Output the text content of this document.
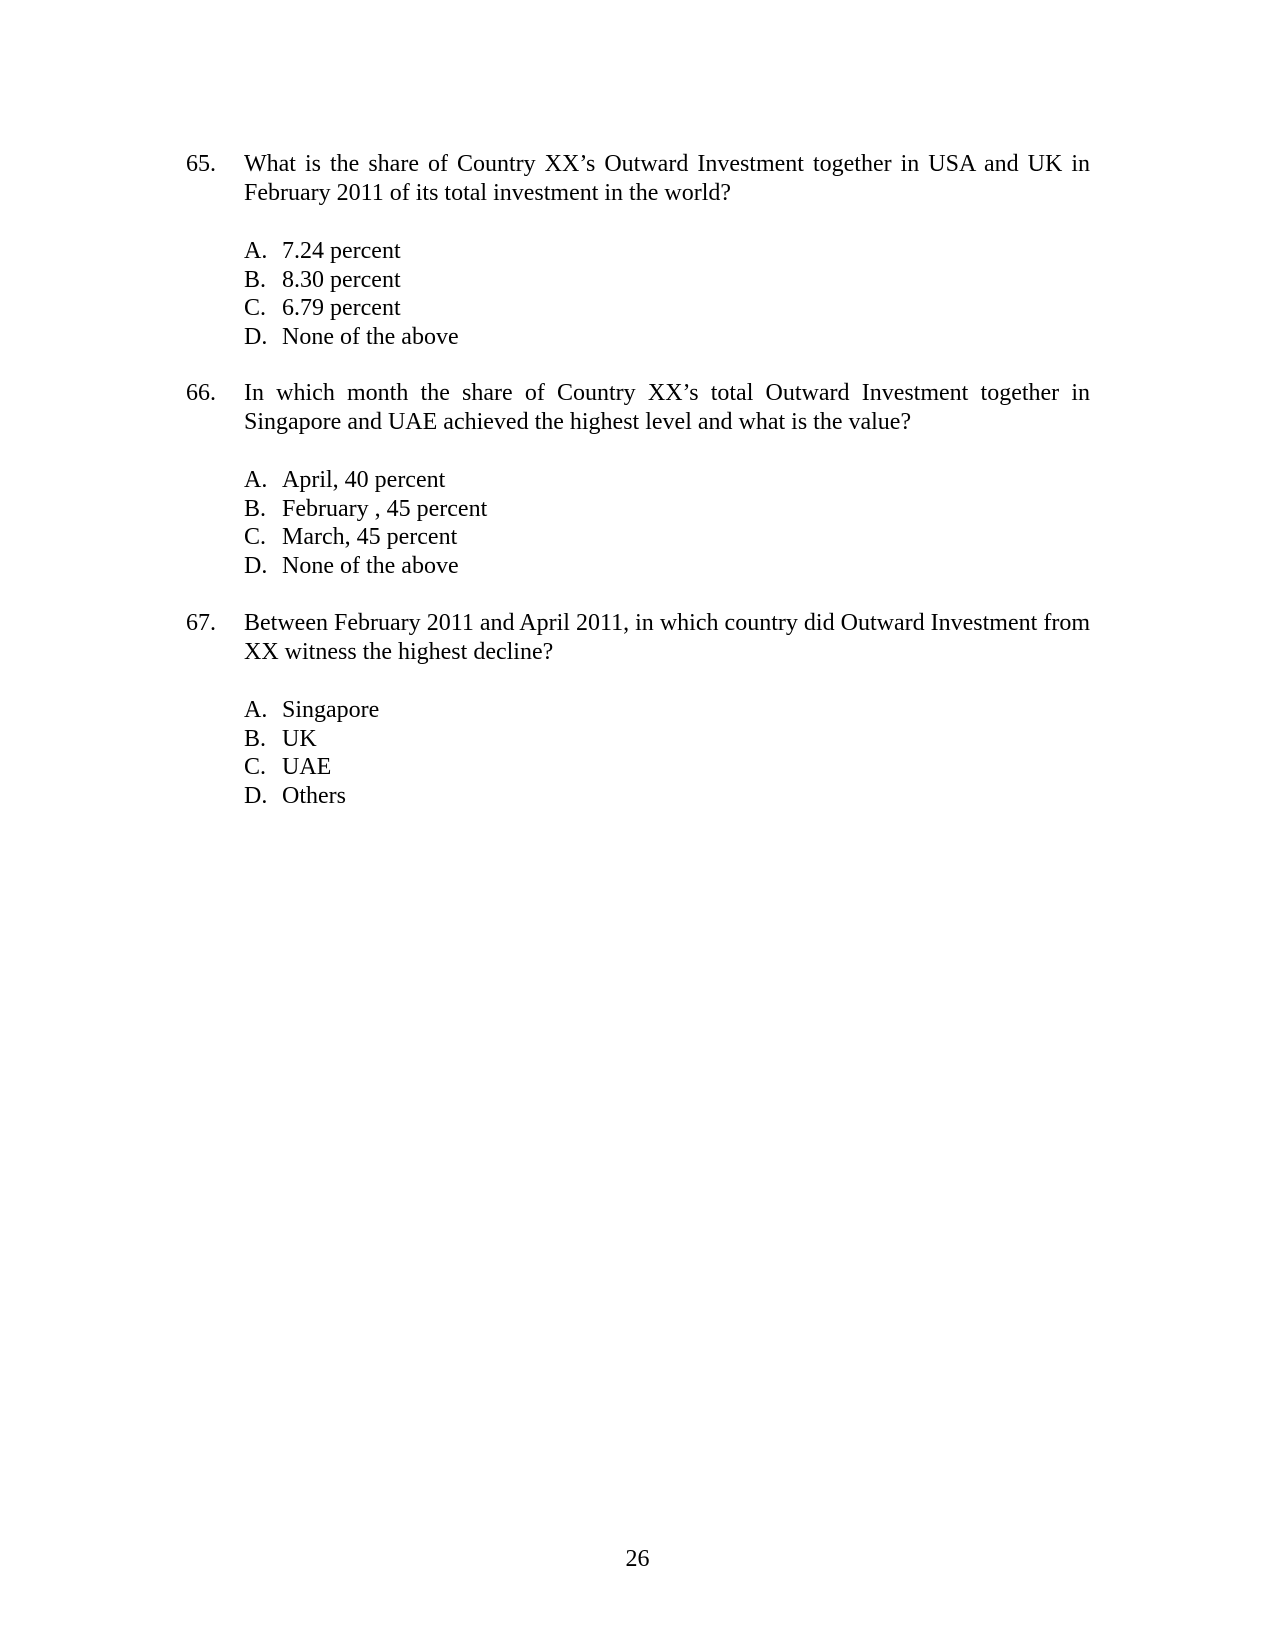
65. What is the share of Country XX’s Outward Investment together in USA and UK in February 2011 of its total investment in the world?
A. 7.24 percent
B. 8.30 percent
C. 6.79 percent
D. None of the above
66. In which month the share of Country XX’s total Outward Investment together in Singapore and UAE achieved the highest level and what is the value?
A. April, 40 percent
B. February , 45 percent
C. March, 45 percent
D. None of the above
67. Between February 2011 and April 2011, in which country did Outward Investment from XX witness the highest decline?
A. Singapore
B. UK
C. UAE
D. Others
26
